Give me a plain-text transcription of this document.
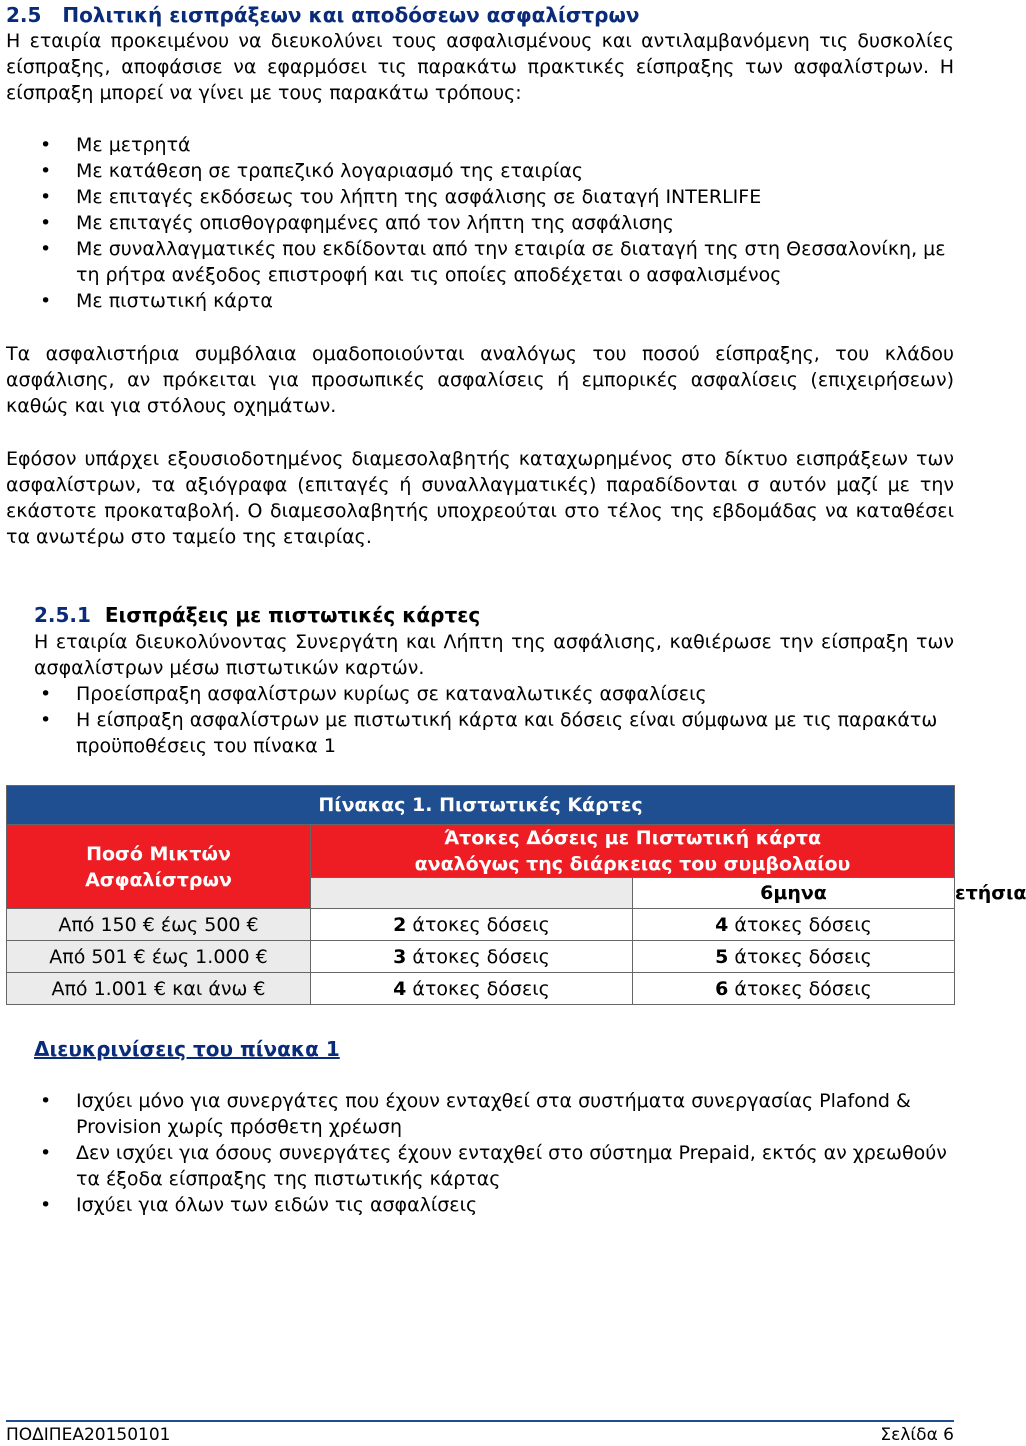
2.5 Πολιτική εισπράξεων και αποδόσεων ασφαλίστρων

Η εταιρία προκειμένου να διευκολύνει τους ασφαλισμένους και αντιλαμβανόμενη τις δυσκολίες είσπραξης, αποφάσισε να εφαρμόσει τις παρακάτω πρακτικές είσπραξης των ασφαλίστρων. Η είσπραξη μπορεί να γίνει με τους παρακάτω τρόπους:

• Με μετρητά
• Με κατάθεση σε τραπεζικό λογαριασμό της εταιρίας
• Με επιταγές εκδόσεως του λήπτη της ασφάλισης σε διαταγή INTERLIFE
• Με επιταγές οπισθογραφημένες από τον λήπτη της ασφάλισης
• Με συναλλαγματικές που εκδίδονται από την εταιρία σε διαταγή της στη Θεσσαλονίκη, με τη ρήτρα ανέξοδος επιστροφή και τις οποίες αποδέχεται ο ασφαλισμένος
• Με πιστωτική κάρτα

Τα ασφαλιστήρια συμβόλαια ομαδοποιούνται αναλόγως του ποσού είσπραξης, του κλάδου ασφάλισης, αν πρόκειται για προσωπικές ασφαλίσεις ή εμπορικές ασφαλίσεις (επιχειρήσεων) καθώς και για στόλους οχημάτων.

Εφόσον υπάρχει εξουσιοδοτημένος διαμεσολαβητής καταχωρημένος στο δίκτυο εισπράξεων των ασφαλίστρων, τα αξιόγραφα (επιταγές ή συναλλαγματικές) παραδίδονται σ αυτόν μαζί με την εκάστοτε προκαταβολή. Ο διαμεσολαβητής υποχρεούται στο τέλος της εβδομάδας να καταθέσει τα ανωτέρω στο ταμείο της εταιρίας.

2.5.1 Εισπράξεις με πιστωτικές κάρτες

Η εταιρία διευκολύνοντας Συνεργάτη και Λήπτη της ασφάλισης, καθιέρωσε την είσπραξη των ασφαλίστρων μέσω πιστωτικών καρτών.

• Προείσπραξη ασφαλίστρων κυρίως σε καταναλωτικές ασφαλίσεις
• Η είσπραξη ασφαλίστρων με πιστωτική κάρτα και δόσεις είναι σύμφωνα με τις παρακάτω προϋποθέσεις του πίνακα 1
Πίνακας 1. Πιστωτικές Κάρτες			
Ποσό Μικτών Ασφαλίστρων	Άτοκες Δόσεις με Πιστωτική κάρτα
αναλόγως της διάρκειας του συμβολαίου		

		6μηνα	ετήσια
Από 150 € έως 500 €	2 άτοκες δόσεις	4 άτοκες δόσεις	
Από 501 € έως 1.000 €	3 άτοκες δόσεις	5 άτοκες δόσεις	
Από 1.001 € και άνω €	4 άτοκες δόσεις	6 άτοκες δόσεις	
Διευκρινίσεις του πίνακα 1
• Ισχύει μόνο για συνεργάτες που έχουν ενταχθεί στα συστήματα συνεργασίας Plafond & Provision χωρίς πρόσθετη χρέωση
• Δεν ισχύει για όσους συνεργάτες έχουν ενταχθεί στο σύστημα Prepaid, εκτός αν χρεωθούν τα έξοδα είσπραξης της πιστωτικής κάρτας
• Ισχύει για όλων των ειδών τις ασφαλίσεις
ΠΟΔΙΠΕΑ20150101	Σελίδα 6
